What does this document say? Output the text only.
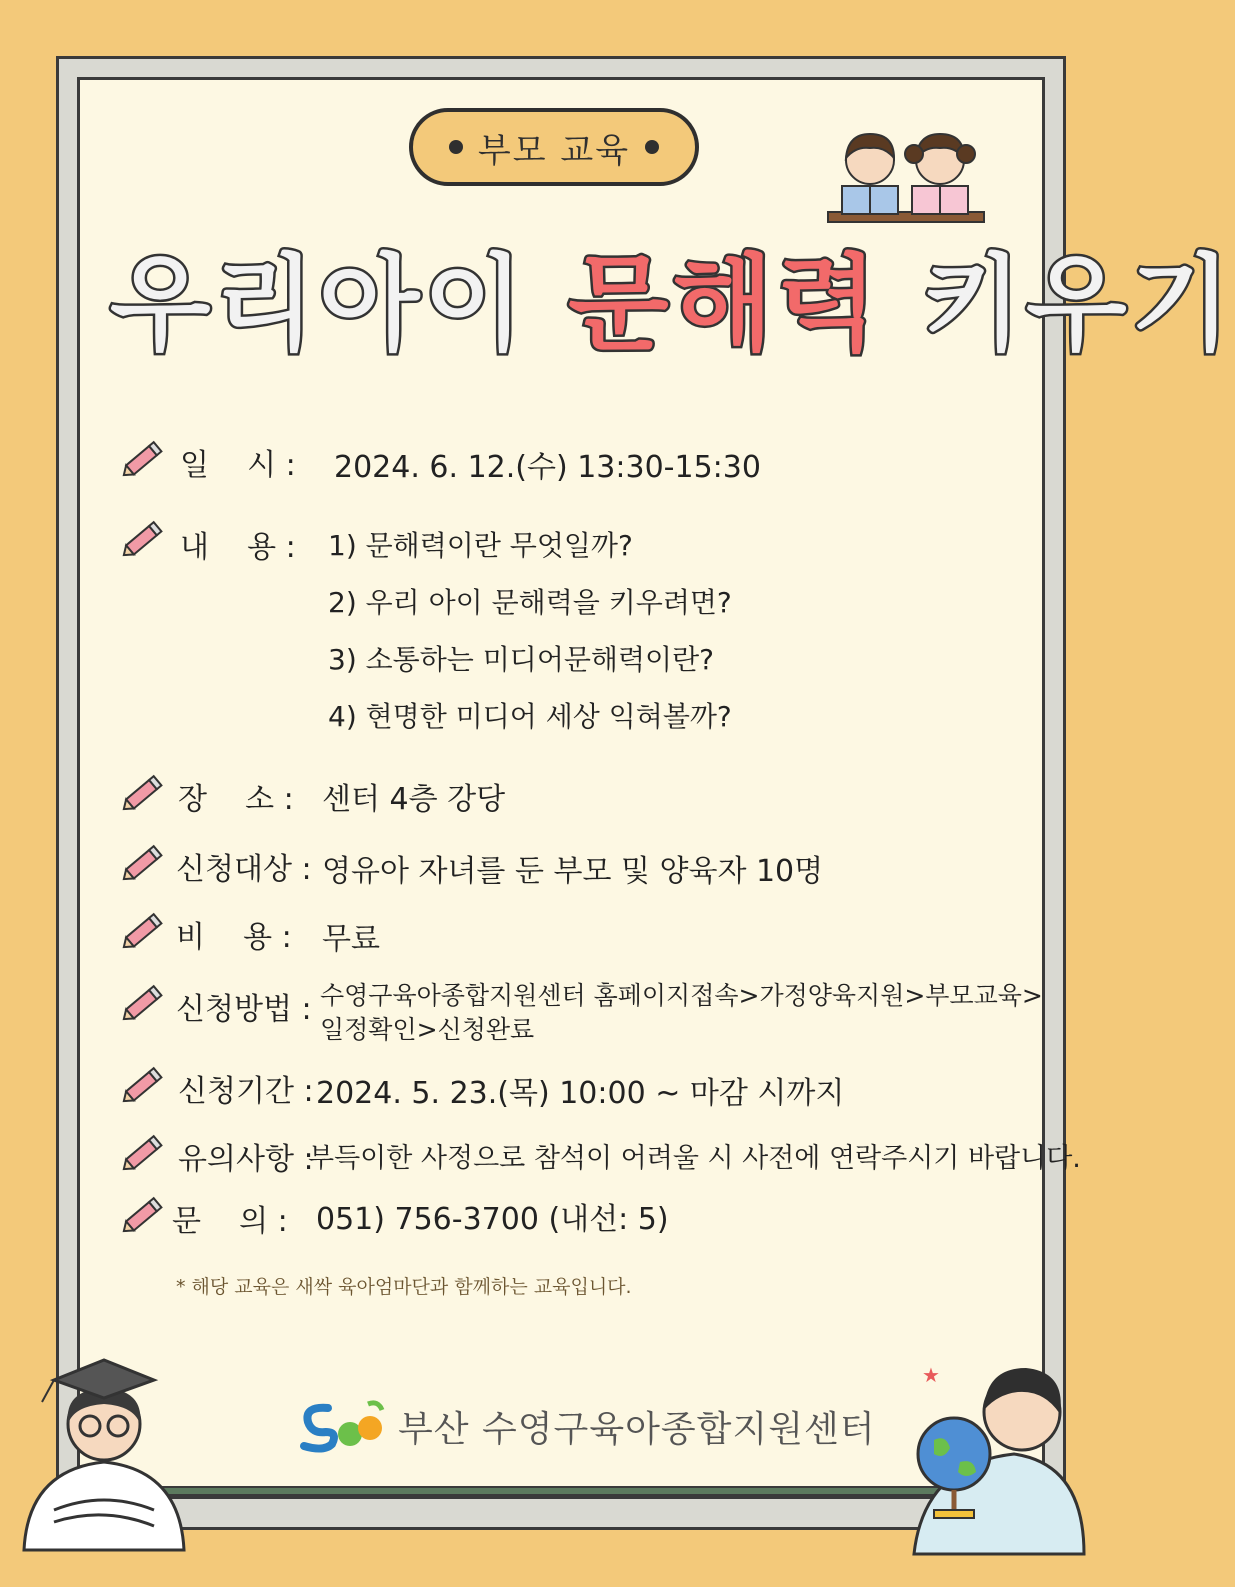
부모 교육
우리아이 문해력 키우기
일    시 : 2024. 6. 12.(수) 13:30-15:30
내    용 : 1) 문해력이란 무엇일까?
2) 우리 아이 문해력을 키우려면?
3) 소통하는 미디어문해력이란?
4) 현명한 미디어 세상 익혀볼까?
장    소 : 센터 4층 강당
신청대상 : 영유아 자녀를 둔 부모 및 양육자 10명
비    용 : 무료
신청방법 : 수영구육아종합지원센터 홈페이지접속>가정양육지원>부모교육>
일정확인>신청완료
신청기간 : 2024. 5. 23.(목) 10:00 ~ 마감 시까지
유의사항 :
부득이한 사정으로 참석이 어려울 시 사전에 연락주시기 바랍니다.
문    의 : 051) 756-3700 (내선: 5)
* 해당 교육은 새싹 육아엄마단과 함께하는 교육입니다.
부산 수영구육아종합지원센터
★
